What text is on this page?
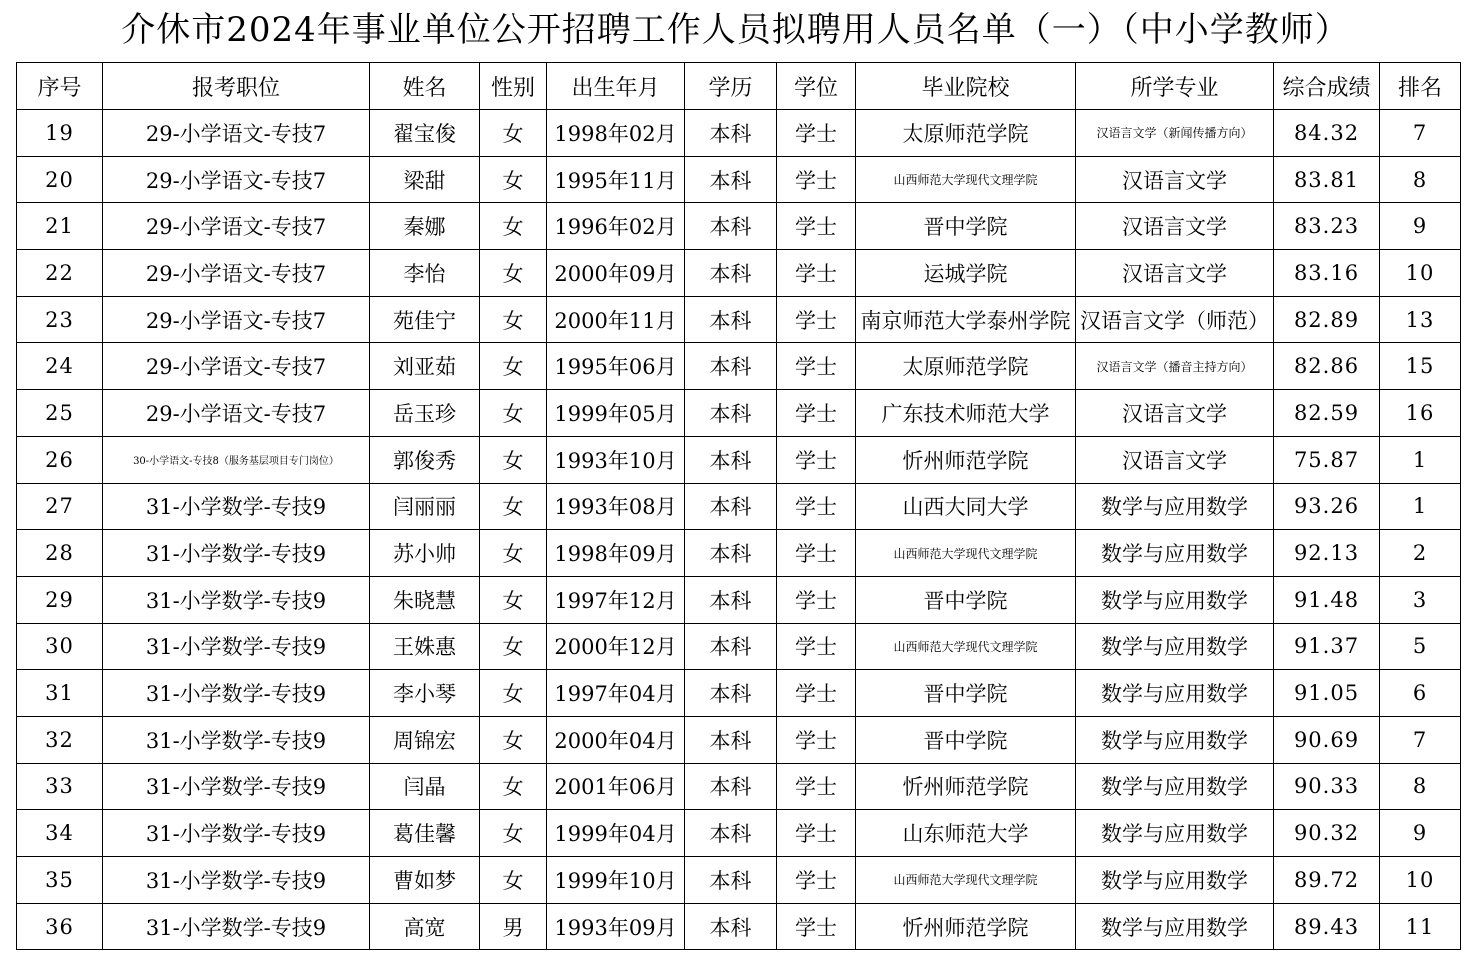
介休市2024年事业单位公开招聘工作人员拟聘用人员名单（一）（中小学教师）
序号	报考职位	姓名	性别	出生年月	学历	学位	毕业院校	所学专业	综合成绩	排名
19	29-小学语文-专技7	翟宝俊	女	1998年02月	本科	学士	太原师范学院	汉语言文学（新闻传播方向）	84.32	7
20	29-小学语文-专技7	梁甜	女	1995年11月	本科	学士	山西师范大学现代文理学院	汉语言文学	83.81	8
21	29-小学语文-专技7	秦娜	女	1996年02月	本科	学士	晋中学院	汉语言文学	83.23	9
22	29-小学语文-专技7	李怡	女	2000年09月	本科	学士	运城学院	汉语言文学	83.16	10
23	29-小学语文-专技7	苑佳宁	女	2000年11月	本科	学士	南京师范大学泰州学院	汉语言文学（师范）	82.89	13
24	29-小学语文-专技7	刘亚茹	女	1995年06月	本科	学士	太原师范学院	汉语言文学（播音主持方向）	82.86	15
25	29-小学语文-专技7	岳玉珍	女	1999年05月	本科	学士	广东技术师范大学	汉语言文学	82.59	16
26	30-小学语文-专技8（服务基层项目专门岗位）	郭俊秀	女	1993年10月	本科	学士	忻州师范学院	汉语言文学	75.87	1
27	31-小学数学-专技9	闫丽丽	女	1993年08月	本科	学士	山西大同大学	数学与应用数学	93.26	1
28	31-小学数学-专技9	苏小帅	女	1998年09月	本科	学士	山西师范大学现代文理学院	数学与应用数学	92.13	2
29	31-小学数学-专技9	朱晓慧	女	1997年12月	本科	学士	晋中学院	数学与应用数学	91.48	3
30	31-小学数学-专技9	王姝惠	女	2000年12月	本科	学士	山西师范大学现代文理学院	数学与应用数学	91.37	5
31	31-小学数学-专技9	李小琴	女	1997年04月	本科	学士	晋中学院	数学与应用数学	91.05	6
32	31-小学数学-专技9	周锦宏	女	2000年04月	本科	学士	晋中学院	数学与应用数学	90.69	7
33	31-小学数学-专技9	闫晶	女	2001年06月	本科	学士	忻州师范学院	数学与应用数学	90.33	8
34	31-小学数学-专技9	葛佳馨	女	1999年04月	本科	学士	山东师范大学	数学与应用数学	90.32	9
35	31-小学数学-专技9	曹如梦	女	1999年10月	本科	学士	山西师范大学现代文理学院	数学与应用数学	89.72	10
36	31-小学数学-专技9	高宽	男	1993年09月	本科	学士	忻州师范学院	数学与应用数学	89.43	11
